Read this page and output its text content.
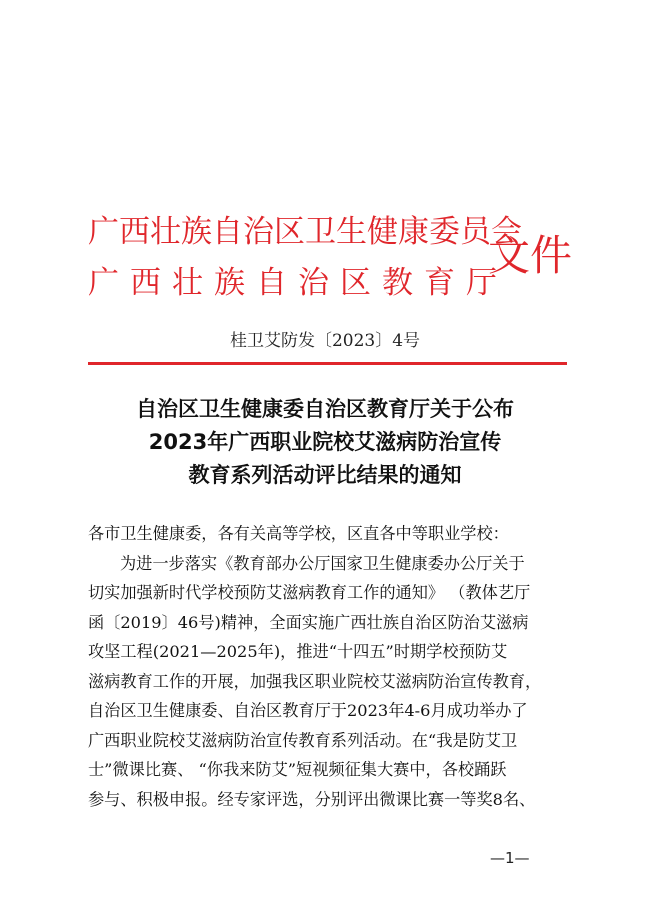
广西壮族自治区卫生健康委员会
广西壮族自治区教育厅
文件
桂卫艾防发〔2023〕4号
自治区卫生健康委自治区教育厅关于公布
2023年广西职业院校艾滋病防治宣传
教育系列活动评比结果的通知
各市卫生健康委，各有关高等学校，区直各中等职业学校：
为进一步落实《教育部办公厅国家卫生健康委办公厅关于
切实加强新时代学校预防艾滋病教育工作的通知》 （教体艺厅
函〔2019〕46号)精神，全面实施广西壮族自治区防治艾滋病
攻坚工程(2021—2025年)，推进“十四五”时期学校预防艾
滋病教育工作的开展，加强我区职业院校艾滋病防治宣传教育，
自治区卫生健康委、自治区教育厅于2023年4-6月成功举办了
广西职业院校艾滋病防治宣传教育系列活动。在“我是防艾卫
士”微课比赛、 “你我来防艾”短视频征集大赛中，各校踊跃
参与、积极申报。经专家评选，分别评出微课比赛一等奖8名、
—1—
